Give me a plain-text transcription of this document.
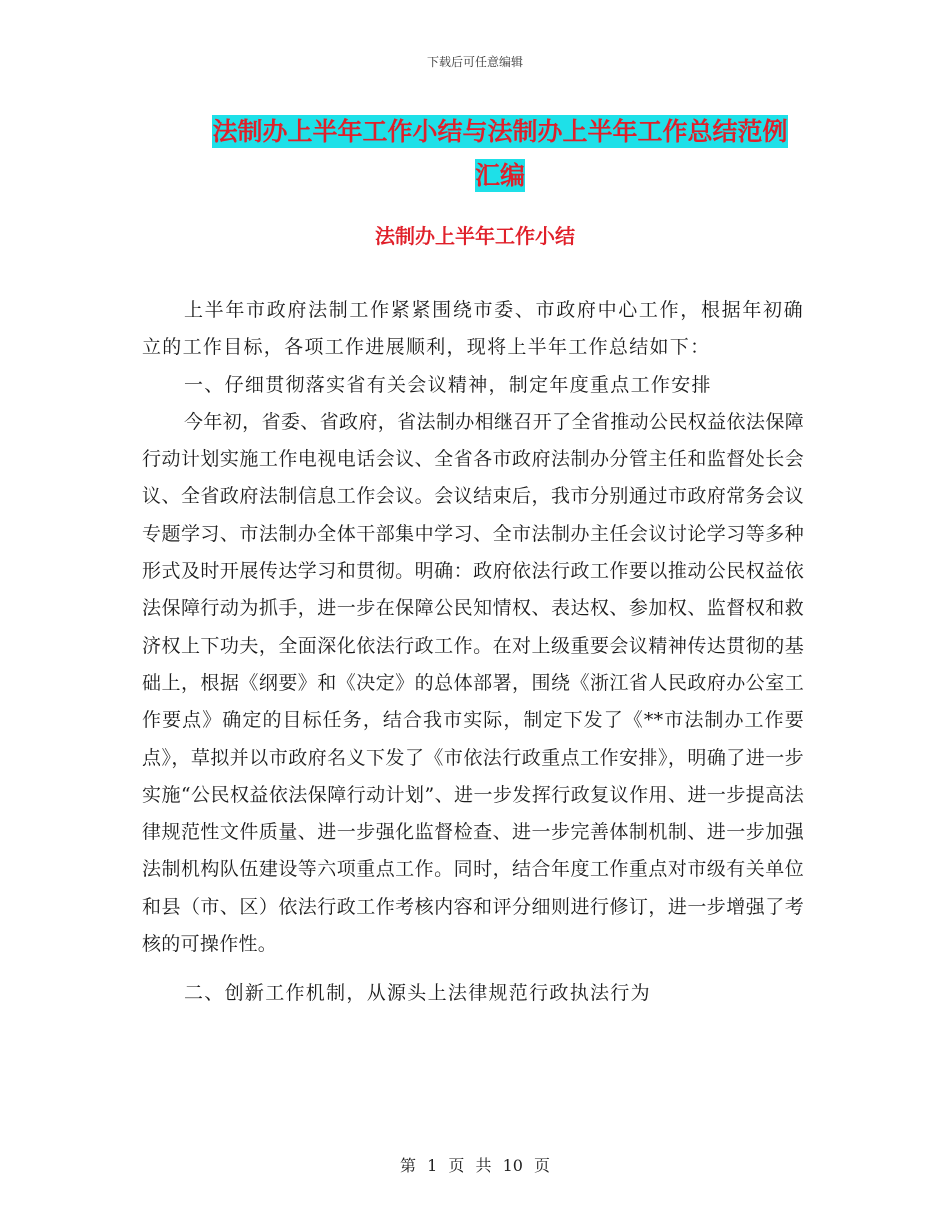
下载后可任意编辑
法制办上半年工作小结与法制办上半年工作总结范例
汇编
法制办上半年工作小结

上半年市政府法制工作紧紧围绕市委、市政府中心工作，根据年初确立的工作目标，各项工作进展顺利，现将上半年工作总结如下：

一、仔细贯彻落实省有关会议精神，制定年度重点工作安排

今年初，省委、省政府，省法制办相继召开了全省推动公民权益依法保障行动计划实施工作电视电话会议、全省各市政府法制办分管主任和监督处长会议、全省政府法制信息工作会议。会议结束后，我市分别通过市政府常务会议专题学习、市法制办全体干部集中学习、全市法制办主任会议讨论学习等多种形式及时开展传达学习和贯彻。明确：政府依法行政工作要以推动公民权益依法保障行动为抓手，进一步在保障公民知情权、表达权、参加权、监督权和救济权上下功夫，全面深化依法行政工作。在对上级重要会议精神传达贯彻的基础上，根据《纲要》和《决定》的总体部署，围绕《浙江省人民政府办公室工作要点》确定的目标任务，结合我市实际，制定下发了《**市法制办工作要点》，草拟并以市政府名义下发了《市依法行政重点工作安排》，明确了进一步实施“公民权益依法保障行动计划”、进一步发挥行政复议作用、进一步提高法律规范性文件质量、进一步强化监督检查、进一步完善体制机制、进一步加强法制机构队伍建设等六项重点工作。同时，结合年度工作重点对市级有关单位和县（市、区）依法行政工作考核内容和评分细则进行修订，进一步增强了考核的可操作性。

二、创新工作机制，从源头上法律规范行政执法行为

第 1 页 共 10 页
